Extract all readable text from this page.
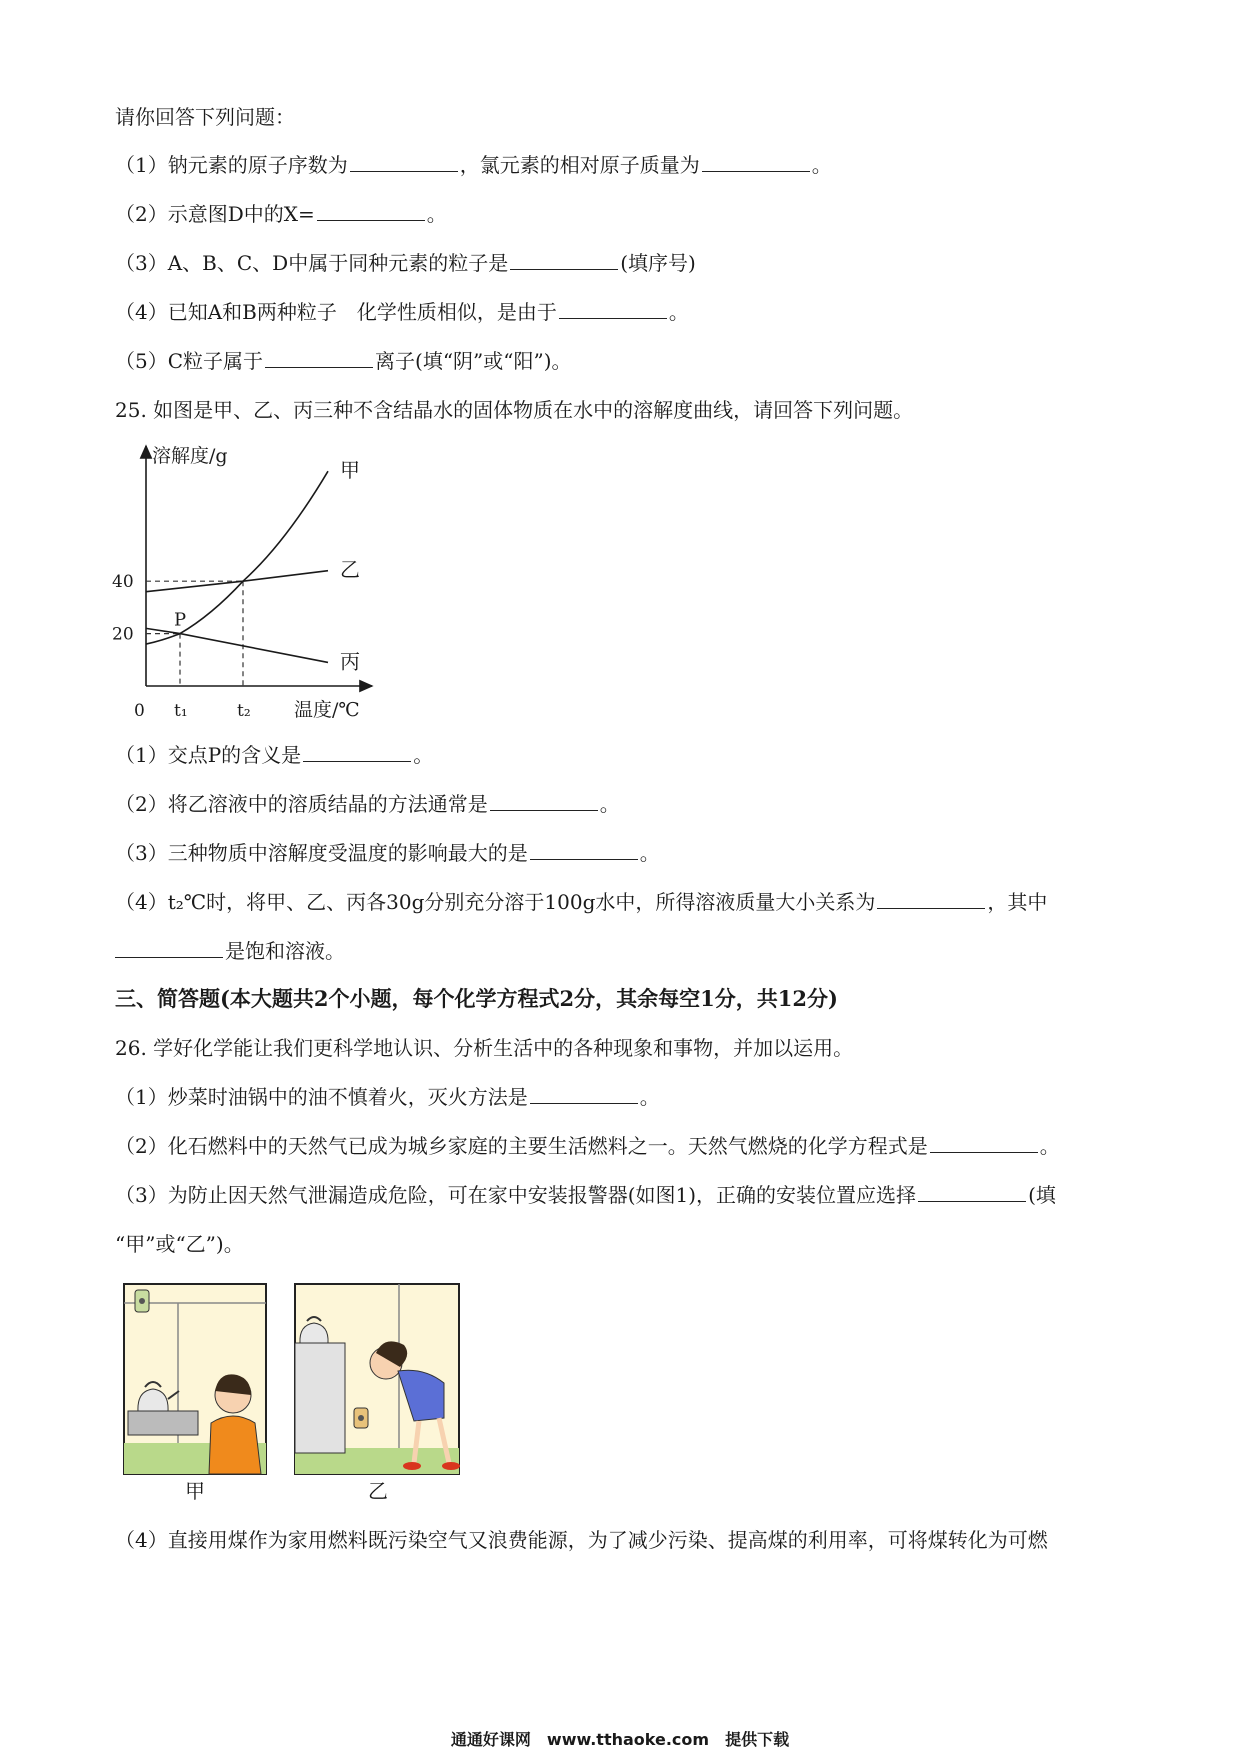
请你回答下列问题：
（1）钠元素的原子序数为	，氯元素的相对原子质量为	。
（2）示意图D中的X=	。
（3）A、B、C、D中属于同种元素的粒子是	(填序号)
（4）已知A和B两种粒子　化学性质相似，是由于	。
（5）C粒子属于	离子(填“阴”或“阳”)。
25. 如图是甲、乙、丙三种不含结晶水的固体物质在水中的溶解度曲线，请回答下列问题。
溶解度/g
温度/℃
0 t₁	t₂
20
40
甲
乙
丙
P
（1）交点P的含义是	。
（2）将乙溶液中的溶质结晶的方法通常是	。
（3）三种物质中溶解度受温度的影响最大的是	。
（4）t₂℃时，将甲、乙、丙各30g分别充分溶于100g水中，所得溶液质量大小关系为	，其中
是饱和溶液。
三、简答题(本大题共2个小题，每个化学方程式2分，其余每空1分，共12分)
26. 学好化学能让我们更科学地认识、分析生活中的各种现象和事物，并加以运用。
（1）炒菜时油锅中的油不慎着火，灭火方法是	。
（2）化石燃料中的天然气已成为城乡家庭的主要生活燃料之一。天然气燃烧的化学方程式是	。
（3）为防止因天然气泄漏造成危险，可在家中安装报警器(如图1)，正确的安装位置应选择	(填
“甲”或“乙”)。
甲	乙
（4）直接用煤作为家用燃料既污染空气又浪费能源，为了减少污染、提高煤的利用率，可将煤转化为可燃
通通好课网　www.tthaoke.com　提供下载
